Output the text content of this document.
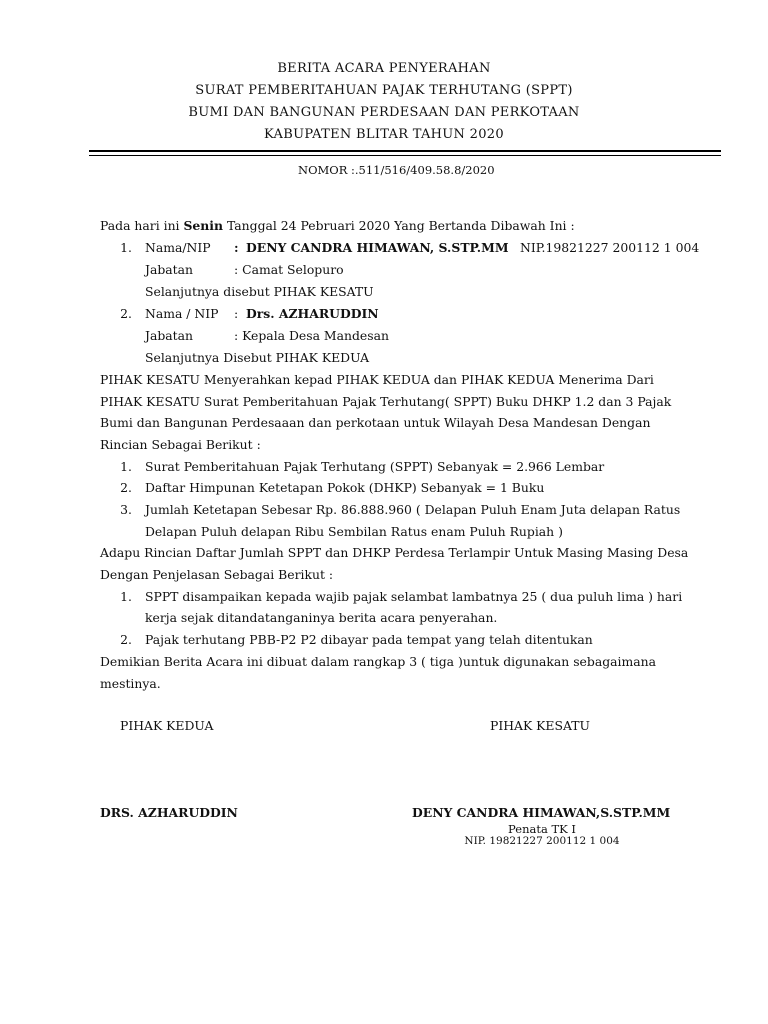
BERITA ACARA PENYERAHAN
SURAT PEMBERITAHUAN PAJAK TERHUTANG (SPPT)
BUMI DAN BANGUNAN PERDESAAN DAN PERKOTAAN
KABUPATEN BLITAR TAHUN 2020
NOMOR :.511/516/409.58.8/2020
Pada hari ini Senin Tanggal 24 Pebruari 2020 Yang Bertanda Dibawah Ini :
1. Nama/NIP : DENY CANDRA HIMAWAN, S.STP.MM NIP.19821227 200112 1 004
Jabatan	: Camat Selopuro
Selanjutnya disebut PIHAK KESATU
2. Nama / NIP : Drs. AZHARUDDIN
Jabatan	: Kepala Desa Mandesan
Selanjutnya Disebut PIHAK KEDUA
PIHAK KESATU Menyerahkan kepad PIHAK KEDUA dan PIHAK KEDUA Menerima Dari
PIHAK KESATU Surat Pemberitahuan Pajak Terhutang( SPPT) Buku DHKP 1.2 dan 3 Pajak
Bumi dan Bangunan Perdesaaan dan perkotaan untuk Wilayah Desa Mandesan Dengan
Rincian Sebagai Berikut :
1. Surat Pemberitahuan Pajak Terhutang (SPPT) Sebanyak = 2.966 Lembar
2. Daftar Himpunan Ketetapan Pokok (DHKP) Sebanyak = 1 Buku
3. Jumlah Ketetapan Sebesar Rp. 86.888.960 ( Delapan Puluh Enam Juta delapan Ratus
Delapan Puluh delapan Ribu Sembilan Ratus enam Puluh Rupiah )
Adapu Rincian Daftar Jumlah SPPT dan DHKP Perdesa Terlampir Untuk Masing Masing Desa
Dengan Penjelasan Sebagai Berikut :
1. SPPT disampaikan kepada wajib pajak selambat lambatnya 25 ( dua puluh lima ) hari
kerja sejak ditandatanganinya berita acara penyerahan.
2. Pajak terhutang PBB-P2 P2 dibayar pada tempat yang telah ditentukan
Demikian Berita Acara ini dibuat dalam rangkap 3 ( tiga )untuk digunakan sebagaimana
mestinya.
PIHAK KEDUA	PIHAK KESATU
DRS. AZHARUDDIN	DENY CANDRA HIMAWAN,S.STP.MM
Penata TK I
NIP. 19821227 200112 1 004
